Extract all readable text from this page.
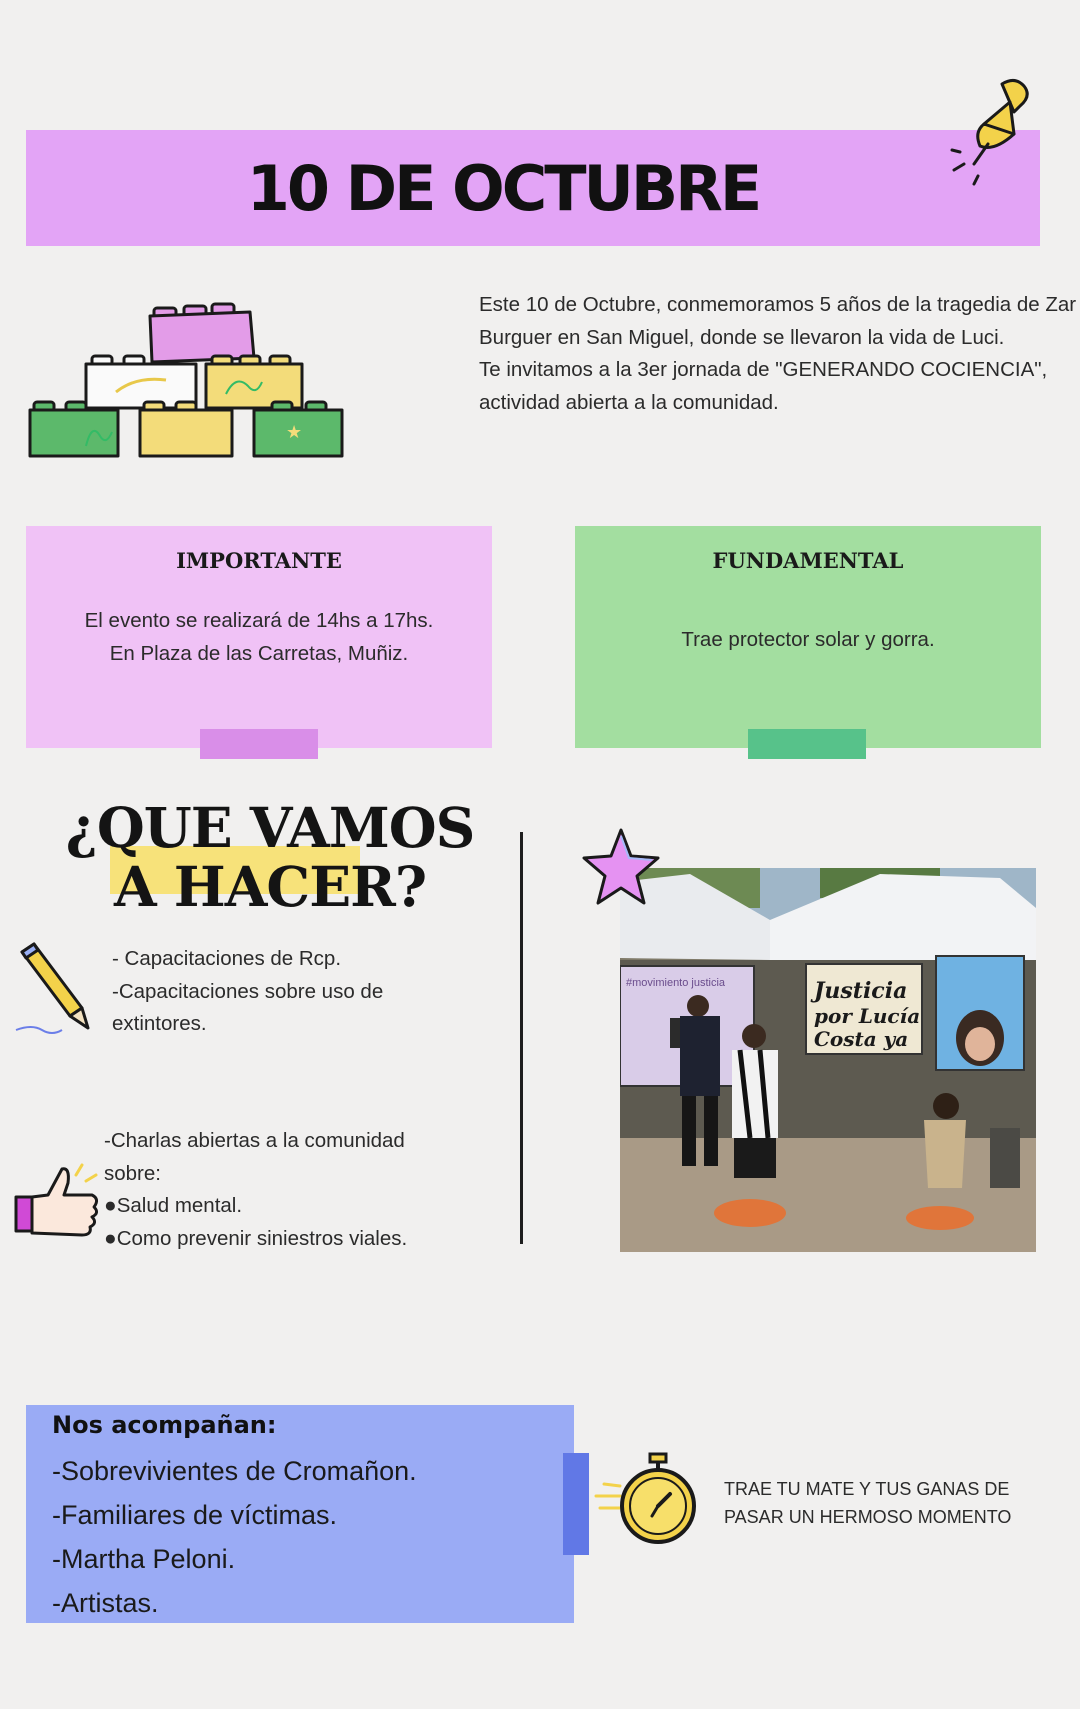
10 DE OCTUBRE
★

Este 10 de Octubre, conmemoramos 5 años de la tragedia de Zar Burguer en San Miguel, donde se llevaron la vida de Luci.

Te invitamos a la 3er jornada de "GENERANDO COCIENCIA", actividad abierta a la comunidad.

IMPORTANTE
El evento se realizará de 14hs a 17hs.
En Plaza de las Carretas, Muñiz.
FUNDAMENTAL
Trae protector solar y gorra.
¿QUE VAMOS
A HACER?
- Capacitaciones de Rcp.
-Capacitaciones sobre uso de extintores.
-Charlas abiertas a la comunidad sobre:
● Salud mental.
● Como prevenir siniestros viales.
#movimiento justicia	Justicia
por Lucía
Costa ya
Nos acompañan:
-Sobrevivientes de Cromañon.
-Familiares de víctimas.
-Martha Peloni.
-Artistas.
TRAE TU MATE Y TUS GANAS DE
PASAR UN HERMOSO MOMENTO
